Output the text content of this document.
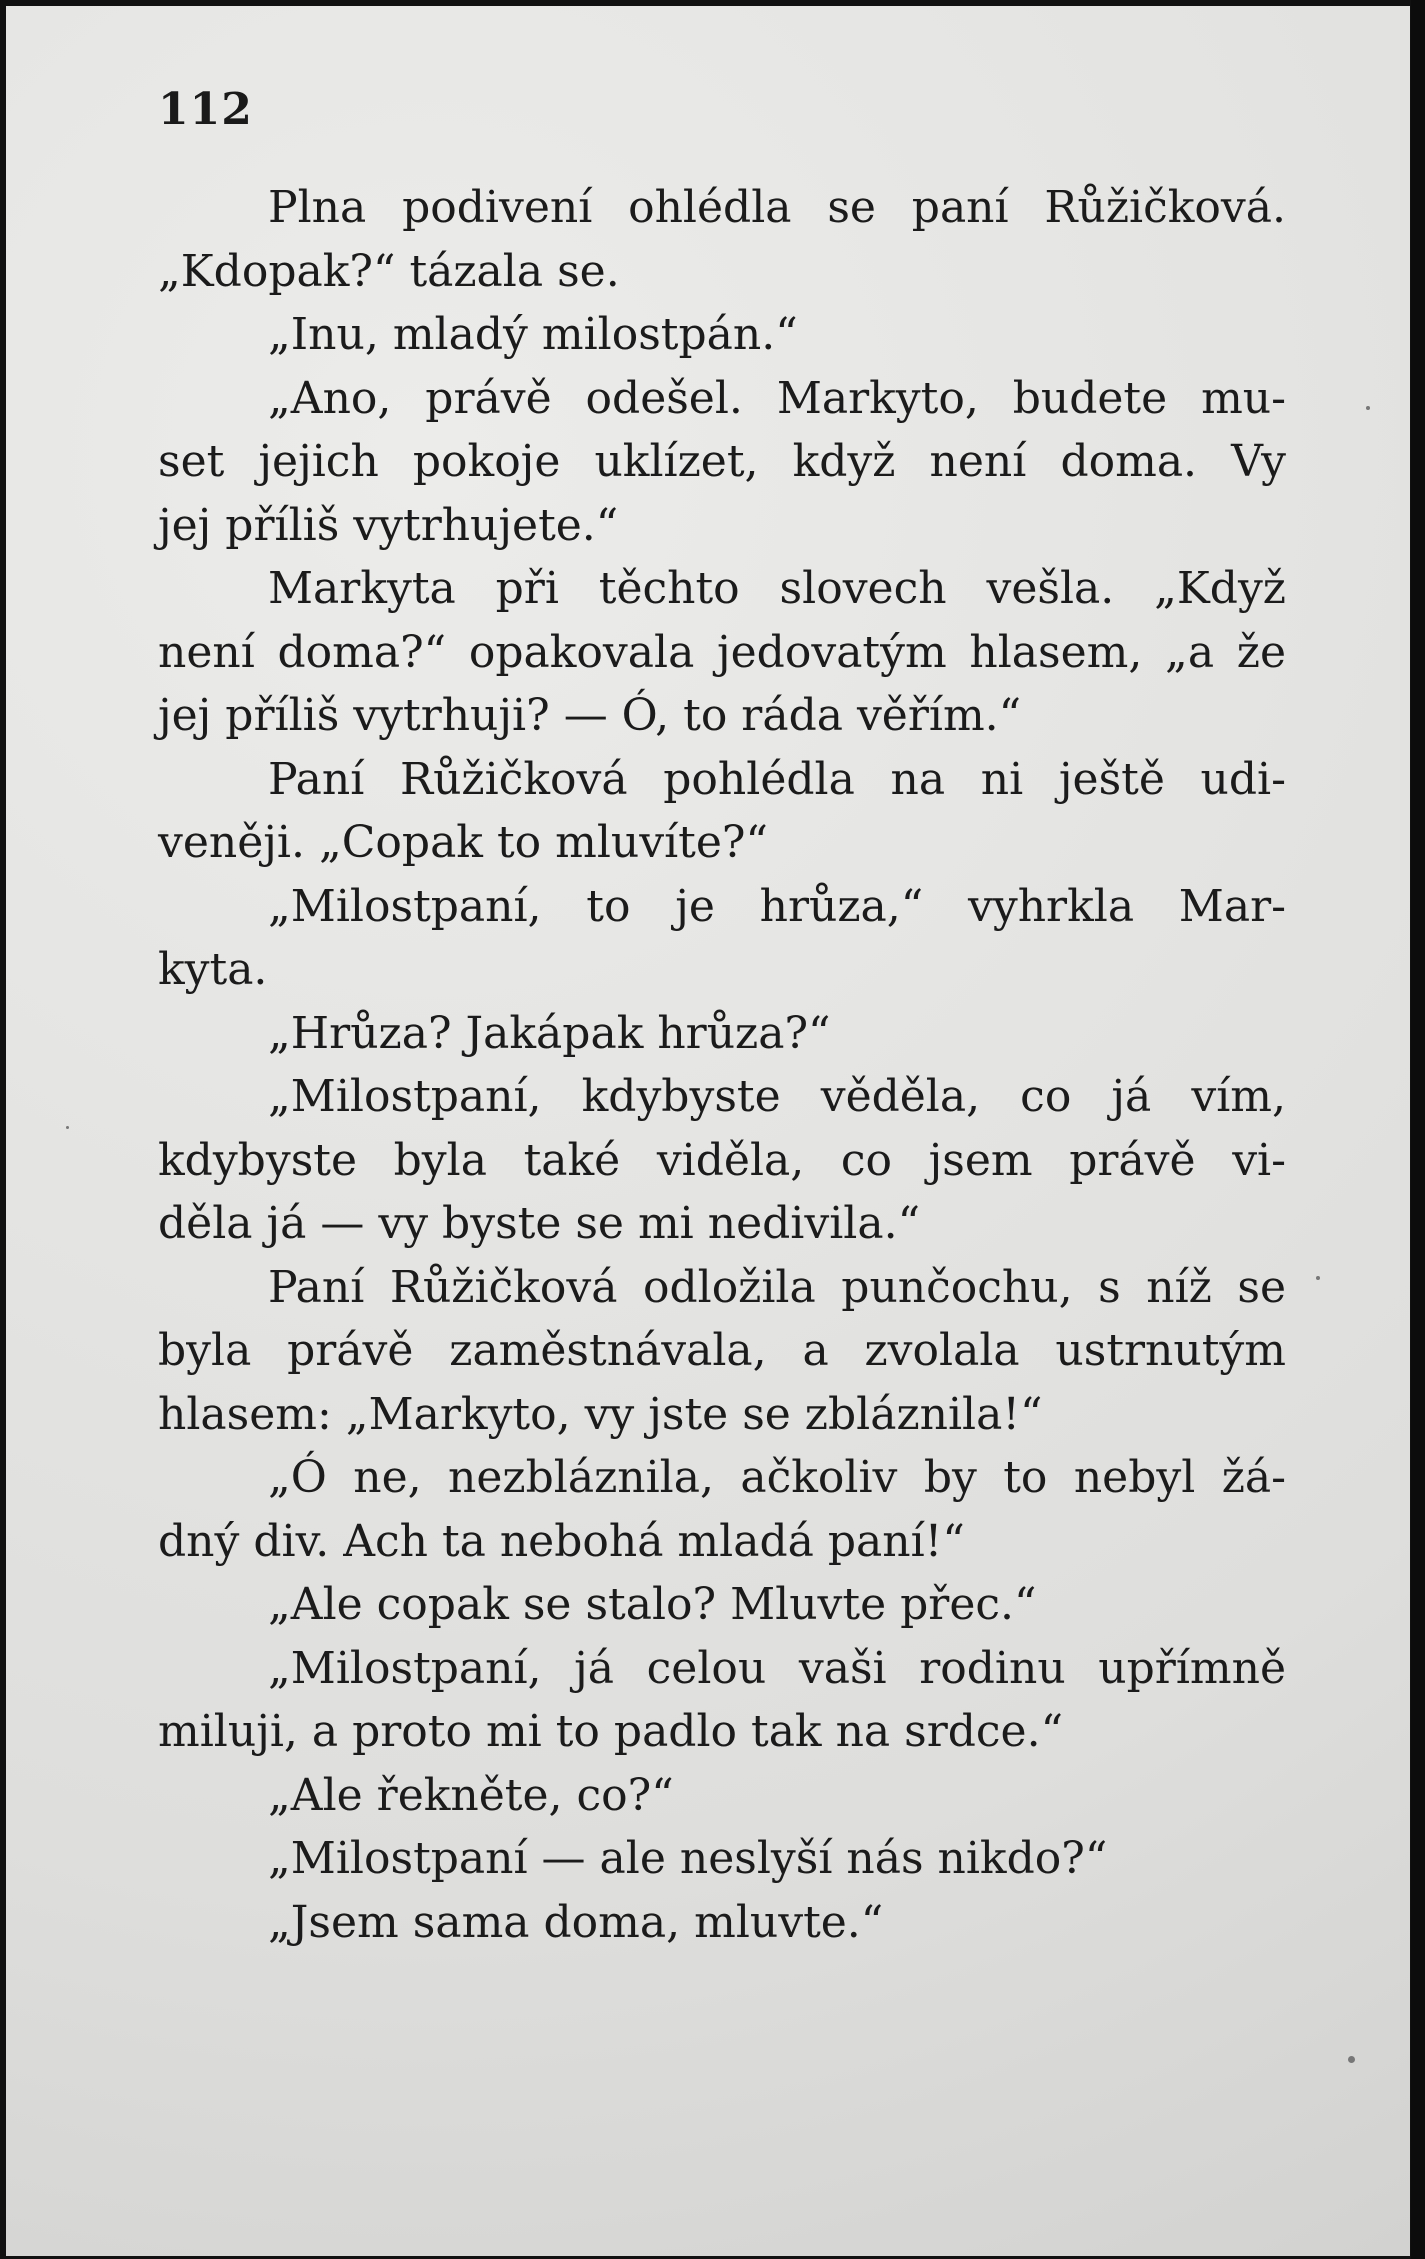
112
Plna podivení ohlédla se paní Růžičková.
„Kdopak?“ tázala se.
„Inu, mladý milostpán.“
„Ano, právě odešel. Markyto, budete mu-
set jejich pokoje uklízet, když není doma. Vy
jej příliš vytrhujete.“
Markyta při těchto slovech vešla. „Když
není doma?“ opakovala jedovatým hlasem, „a že
jej příliš vytrhuji? — Ó, to ráda věřím.“
Paní Růžičková pohlédla na ni ještě udi-
veněji. „Copak to mluvíte?“
„Milostpaní, to je hrůza,“ vyhrkla Mar-
kyta.
„Hrůza? Jakápak hrůza?“
„Milostpaní, kdybyste věděla, co já vím,
kdybyste byla také viděla, co jsem právě vi-
děla já — vy byste se mi nedivila.“
Paní Růžičková odložila punčochu, s níž se
byla právě zaměstnávala, a zvolala ustrnutým
hlasem: „Markyto, vy jste se zbláznila!“
„Ó ne, nezbláznila, ačkoliv by to nebyl žá-
dný div. Ach ta nebohá mladá paní!“
„Ale copak se stalo? Mluvte přec.“
„Milostpaní, já celou vaši rodinu upřímně
miluji, a proto mi to padlo tak na srdce.“
„Ale řekněte, co?“
„Milostpaní — ale neslyší nás nikdo?“
„Jsem sama doma, mluvte.“
